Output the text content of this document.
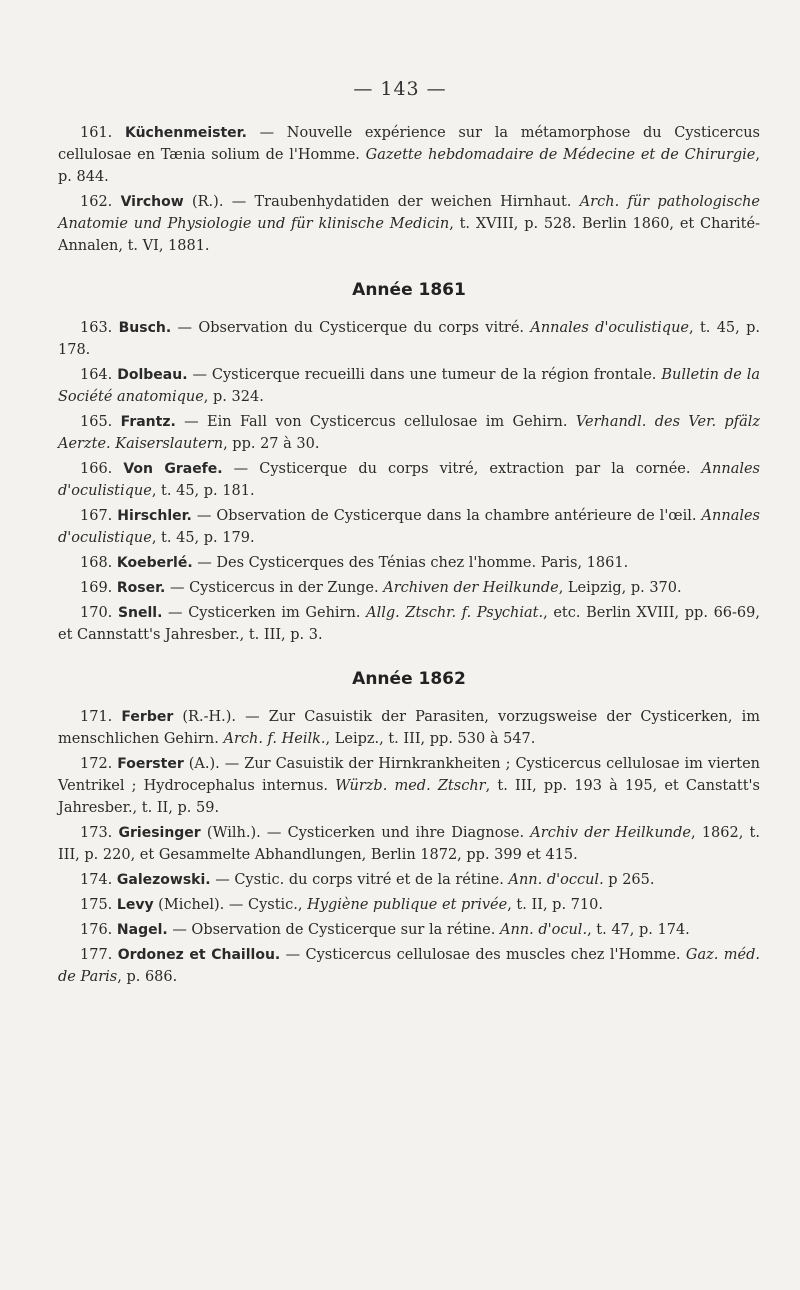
— 143 —

161. Küchenmeister. — Nouvelle expérience sur la métamorphose du Cysticercus cellulosae en Tænia solium de l'Homme. Gazette hebdomadaire de Médecine et de Chirurgie, p. 844.

162. Virchow (R.). — Traubenhydatiden der weichen Hirnhaut. Arch. für pathologische Anatomie und Physiologie und für klinische Medicin, t. XVIII, p. 528. Berlin 1860, et Charité-Annalen, t. VI, 1881.

Année 1861

163. Busch. — Observation du Cysticerque du corps vitré. Annales d'oculistique, t. 45, p. 178.

164. Dolbeau. — Cysticerque recueilli dans une tumeur de la région frontale. Bulletin de la Société anatomique, p. 324.

165. Frantz. — Ein Fall von Cysticercus cellulosae im Gehirn. Verhandl. des Ver. pfälz Aerzte. Kaiserslautern, pp. 27 à 30.

166. Von Graefe. — Cysticerque du corps vitré, extraction par la cornée. Annales d'oculistique, t. 45, p. 181.

167. Hirschler. — Observation de Cysticerque dans la chambre antérieure de l'œil. Annales d'oculistique, t. 45, p. 179.

168. Koeberlé. — Des Cysticerques des Ténias chez l'homme. Paris, 1861.

169. Roser. — Cysticercus in der Zunge. Archiven der Heilkunde, Leipzig, p. 370.

170. Snell. — Cysticerken im Gehirn. Allg. Ztschr. f. Psychiat., etc. Berlin XVIII, pp. 66-69, et Cannstatt's Jahresber., t. III, p. 3.

Année 1862

171. Ferber (R.-H.). — Zur Casuistik der Parasiten, vorzugsweise der Cysticerken, im menschlichen Gehirn. Arch. f. Heilk., Leipz., t. III, pp. 530 à 547.

172. Foerster (A.). — Zur Casuistik der Hirnkrankheiten ; Cysticercus cellulosae im vierten Ventrikel ; Hydrocephalus internus. Würzb. med. Ztschr, t. III, pp. 193 à 195, et Canstatt's Jahresber., t. II, p. 59.

173. Griesinger (Wilh.). — Cysticerken und ihre Diagnose. Archiv der Heilkunde, 1862, t. III, p. 220, et Gesammelte Abhandlungen, Berlin 1872, pp. 399 et 415.

174. Galezowski. — Cystic. du corps vitré et de la rétine. Ann. d'occul. p 265.

175. Levy (Michel). — Cystic., Hygiène publique et privée, t. II, p. 710.

176. Nagel. — Observation de Cysticerque sur la rétine. Ann. d'ocul., t. 47, p. 174.

177. Ordonez et Chaillou. — Cysticercus cellulosae des muscles chez l'Homme. Gaz. méd. de Paris, p. 686.
